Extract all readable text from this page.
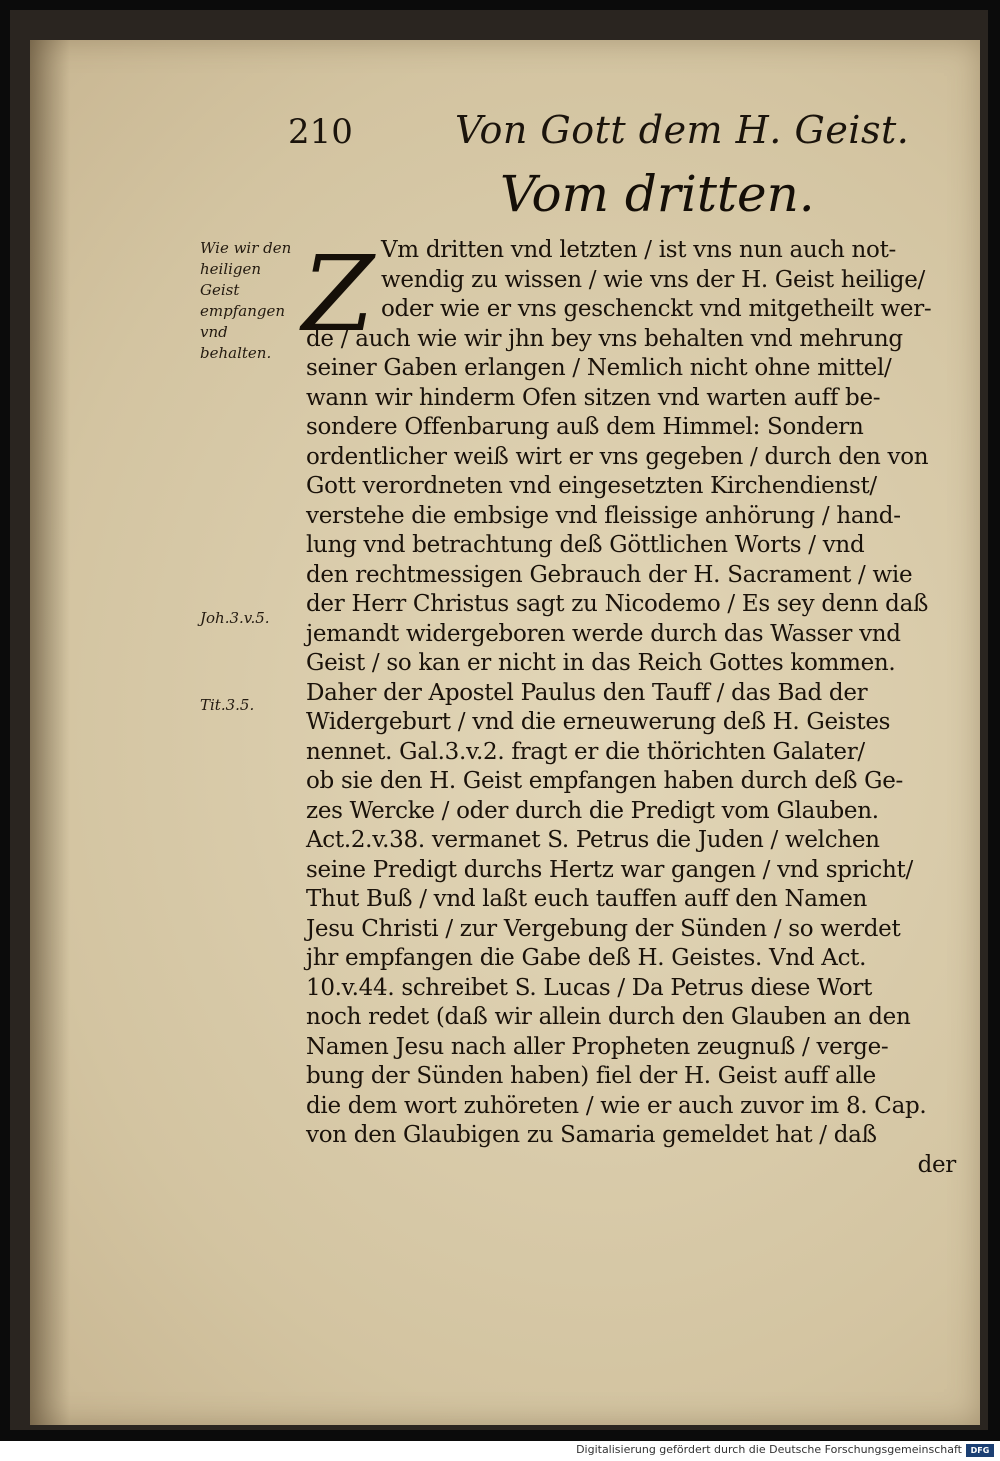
210	Von Gott dem H. Geist.
Vom dritten.
Wie wir den heiligen Geist empfangen vnd behalten.
Joh.3.v.5.
Tit.3.5.
Z Vm dritten vnd letzten / ist vns nun auch not-
wendig zu wissen / wie vns der H. Geist heilige/
oder wie er vns geschenckt vnd mitgetheilt wer-
de / auch wie wir jhn bey vns behalten vnd mehrung
seiner Gaben erlangen / Nemlich nicht ohne mittel/
wann wir hinderm Ofen sitzen vnd warten auff be-
sondere Offenbarung auß dem Himmel: Sondern
ordentlicher weiß wirt er vns gegeben / durch den von
Gott verordneten vnd eingesetzten Kirchendienst/
verstehe die embsige vnd fleissige anhörung / hand-
lung vnd betrachtung deß Göttlichen Worts / vnd
den rechtmessigen Gebrauch der H. Sacrament / wie
der Herr Christus sagt zu Nicodemo / Es sey denn daß
jemandt widergeboren werde durch das Wasser vnd
Geist / so kan er nicht in das Reich Gottes kommen.
Daher der Apostel Paulus den Tauff / das Bad der
Widergeburt / vnd die erneuwerung deß H. Geistes
nennet. Gal.3.v.2. fragt er die thörichten Galater/
ob sie den H. Geist empfangen haben durch deß Ge-
zes Wercke / oder durch die Predigt vom Glauben.
Act.2.v.38. vermanet S. Petrus die Juden / welchen
seine Predigt durchs Hertz war gangen / vnd spricht/
Thut Buß / vnd laßt euch tauffen auff den Namen
Jesu Christi / zur Vergebung der Sünden / so werdet
jhr empfangen die Gabe deß H. Geistes. Vnd Act.
10.v.44. schreibet S. Lucas / Da Petrus diese Wort
noch redet (daß wir allein durch den Glauben an den
Namen Jesu nach aller Propheten zeugnuß / verge-
bung der Sünden haben) fiel der H. Geist auff alle
die dem wort zuhöreten / wie er auch zuvor im 8. Cap.
von den Glaubigen zu Samaria gemeldet hat / daß
der
Digitalisierung gefördert durch die Deutsche Forschungsgemeinschaft	DFG
